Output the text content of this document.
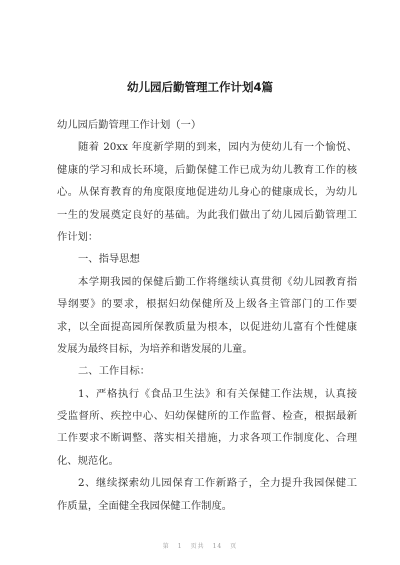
幼儿园后勤管理工作计划4篇
幼儿园后勤管理工作计划（一）
随着 20xx 年度新学期的到来，园内为使幼儿有一个愉悦、
健康的学习和成长环境，后勤保健工作已成为幼儿教育工作的核
心。从保育教育的角度限度地促进幼儿身心的健康成长，为幼儿
一生的发展奠定良好的基础。为此我们做出了幼儿园后勤管理工
作计划：
一、指导思想
本学期我园的保健后勤工作将继续认真贯彻《幼儿园教育指
导纲要》的要求，根据妇幼保健所及上级各主管部门的工作要
求，以全面提高园所保教质量为根本，以促进幼儿富有个性健康
发展为最终目标，为培养和谐发展的儿童。
二、工作目标：
1、严格执行《食品卫生法》和有关保健工作法规，认真接
受监督所、疾控中心、妇幼保健所的工作监督、检查，根据最新
工作要求不断调整、落实相关措施，力求各项工作制度化、合理
化、规范化。
2、继续探索幼儿园保育工作新路子，全力提升我园保健工
作质量，全面健全我园保健工作制度。
第 1 页共 14 页
